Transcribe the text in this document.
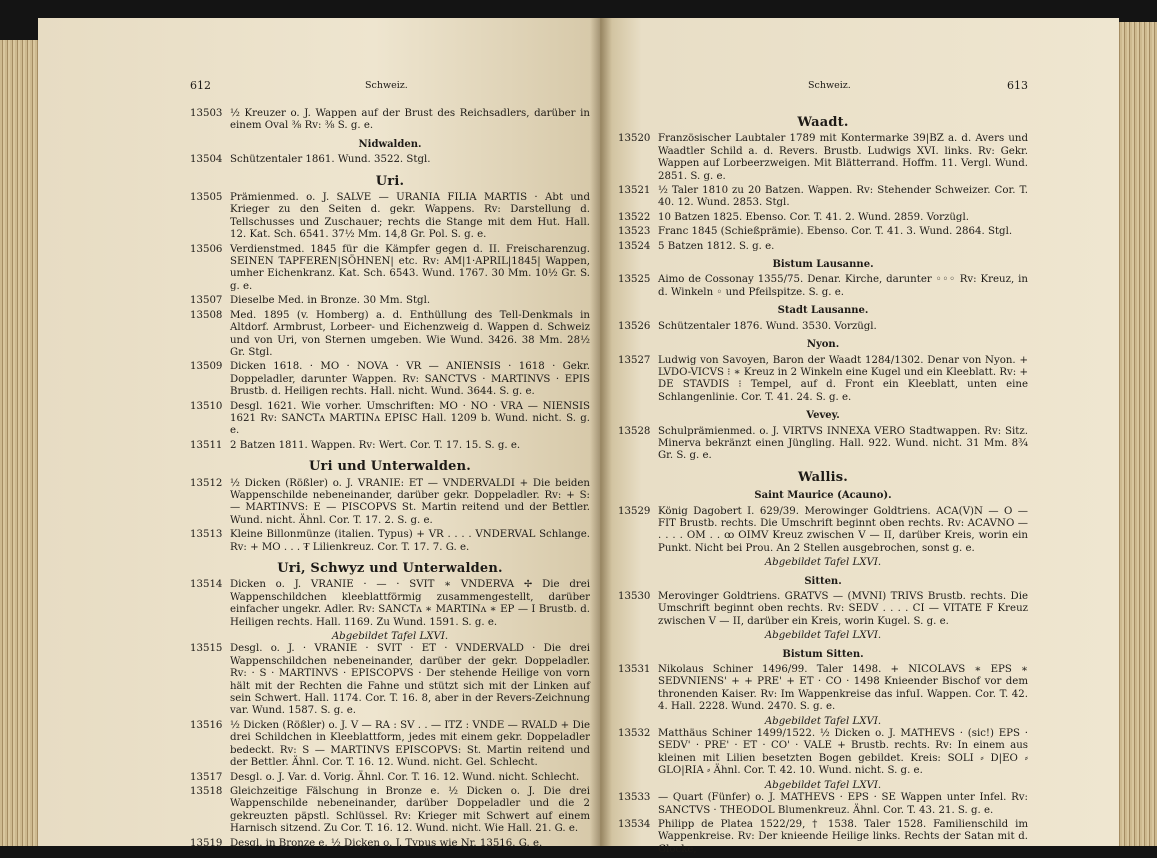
612	Schweiz.
13503 ½ Kreuzer o. J. Wappen auf der Brust des Reichsadlers, darüber in einem Oval ⅜ Rv: ⅜ S. g. e.
Nidwalden.
13504 Schützentaler 1861. Wund. 3522. Stgl.
Uri.
13505 Prämienmed. o. J. SALVE — URANIA FILIA MARTIS · Abt und Krieger zu den Seiten d. gekr. Wappens. Rv: Darstellung d. Tellschusses und Zuschauer; rechts die Stange mit dem Hut. Hall. 12. Kat. Sch. 6541. 37½ Mm. 14,8 Gr. Pol. S. g. e.
13506 Verdienstmed. 1845 für die Kämpfer gegen d. II. Freischarenzug. SEINEN TAPFEREN|SÖHNEN| etc. Rv: AM|1·APRIL|1845| Wappen, umher Eichenkranz. Kat. Sch. 6543. Wund. 1767. 30 Mm. 10½ Gr. S. g. e.
13507 Dieselbe Med. in Bronze. 30 Mm. Stgl.
13508 Med. 1895 (v. Homberg) a. d. Enthüllung des Tell-Denkmals in Altdorf. Armbrust, Lorbeer- und Eichenzweig d. Wappen d. Schweiz und von Uri, von Sternen umgeben. Wie Wund. 3426. 38 Mm. 28½ Gr. Stgl.
13509 Dicken 1618. · MO · NOVA · VR — ANIENSIS · 1618 · Gekr. Doppeladler, darunter Wappen. Rv: SANCTVS · MARTINVS · EPIS Brustb. d. Heiligen rechts. Hall. nicht. Wund. 3644. S. g. e.
13510 Desgl. 1621. Wie vorher. Umschriften: MO · NO · VRA — NIENSIS 1621 Rv: SANCTᴧ MARTINᴧ EPISC Hall. 1209 b. Wund. nicht. S. g. e.
13511 2 Batzen 1811. Wappen. Rv: Wert. Cor. T. 17. 15. S. g. e.
Uri und Unterwalden.
13512 ½ Dicken (Rößler) o. J. VRANIE: ET — VNDERVALDI + Die beiden Wappenschilde nebeneinander, darüber gekr. Doppeladler. Rv: + S: — MARTINVS: E — PISCOPVS St. Martin reitend und der Bettler. Wund. nicht. Ähnl. Cor. T. 17. 2. S. g. e.
13513 Kleine Billonmünze (italien. Typus) + VR . . . . VNDERVAL Schlange. Rv: + MO . . . ₮ Lilienkreuz. Cor. T. 17. 7. G. e.
Uri, Schwyz und Unterwalden.
13514 Dicken o. J. VRANIE · — · SVIT ∗ VNDERVA ✢ Die drei Wappenschildchen kleeblattförmig zusammengestellt, darüber einfacher ungekr. Adler. Rv: SANCTᴧ ∗ MARTINᴧ ∗ EP — I Brustb. d. Heiligen rechts. Hall. 1169. Zu Wund. 1591. S. g. e.
Abgebildet Tafel LXVI.
13515 Desgl. o. J. · VRANIE · SVIT · ET · VNDERVALD · Die drei Wappenschildchen nebeneinander, darüber der gekr. Doppeladler. Rv: · S · MARTINVS · EPISCOPVS · Der stehende Heilige von vorn hält mit der Rechten die Fahne und stützt sich mit der Linken auf sein Schwert. Hall. 1174. Cor. T. 16. 8, aber in der Revers-Zeichnung var. Wund. 1587. S. g. e.
13516 ½ Dicken (Rößler) o. J. V — RA : SV . . — ITZ : VNDE — RVALD + Die drei Schildchen in Kleeblattform, jedes mit einem gekr. Doppeladler bedeckt. Rv: S — MARTINVS EPISCOPVS: St. Martin reitend und der Bettler. Ähnl. Cor. T. 16. 12. Wund. nicht. Gel. Schlecht.
13517 Desgl. o. J. Var. d. Vorig. Ähnl. Cor. T. 16. 12. Wund. nicht. Schlecht.
13518 Gleichzeitige Fälschung in Bronze e. ½ Dicken o. J. Die drei Wappenschilde nebeneinander, darüber Doppeladler und die 2 gekreuzten päpstl. Schlüssel. Rv: Krieger mit Schwert auf einem Harnisch sitzend. Zu Cor. T. 16. 12. Wund. nicht. Wie Hall. 21. G. e.
13519 Desgl. in Bronze e. ½ Dicken o. J. Typus wie Nr. 13516. G. e.
Schweiz.	613
Waadt.
13520 Französischer Laubtaler 1789 mit Kontermarke 39|BZ a. d. Avers und Waadtler Schild a. d. Revers. Brustb. Ludwigs XVI. links. Rv: Gekr. Wappen auf Lorbeerzweigen. Mit Blätterrand. Hoffm. 11. Vergl. Wund. 2851. S. g. e.
13521 ½ Taler 1810 zu 20 Batzen. Wappen. Rv: Stehender Schweizer. Cor. T. 40. 12. Wund. 2853. Stgl.
13522 10 Batzen 1825. Ebenso. Cor. T. 41. 2. Wund. 2859. Vorzügl.
13523 Franc 1845 (Schießprämie). Ebenso. Cor. T. 41. 3. Wund. 2864. Stgl.
13524 5 Batzen 1812. S. g. e.
Bistum Lausanne.
13525 Aimo de Cossonay 1355/75. Denar. Kirche, darunter ◦◦◦ Rv: Kreuz, in d. Winkeln ◦ und Pfeilspitze. S. g. e.
Stadt Lausanne.
13526 Schützentaler 1876. Wund. 3530. Vorzügl.
Nyon.
13527 Ludwig von Savoyen, Baron der Waadt 1284/1302. Denar von Nyon. + LVDO-VICVS ⁝ ∗ Kreuz in 2 Winkeln eine Kugel und ein Kleeblatt. Rv: + DE STAVDIS ⁝ Tempel, auf d. Front ein Kleeblatt, unten eine Schlangenlinie. Cor. T. 41. 24. S. g. e.
Vevey.
13528 Schulprämienmed. o. J. VIRTVS INNEXA VERO Stadtwappen. Rv: Sitz. Minerva bekränzt einen Jüngling. Hall. 922. Wund. nicht. 31 Mm. 8¾ Gr. S. g. e.
Wallis.
Saint Maurice (Acauno).
13529 König Dagobert I. 629/39. Merowinger Goldtriens. ACA(V)N — O — FIT Brustb. rechts. Die Umschrift beginnt oben rechts. Rv: ACAVNO — . . . . OM . . ꝏ OIMV Kreuz zwischen V — II, darüber Kreis, worin ein Punkt. Nicht bei Prou. An 2 Stellen ausgebrochen, sonst g. e.
Abgebildet Tafel LXVI.
Sitten.
13530 Merovinger Goldtriens. GRATVS — (MVNI) TRIVS Brustb. rechts. Die Umschrift beginnt oben rechts. Rv: SEDV . . . . CI — VITATE F Kreuz zwischen V — II, darüber ein Kreis, worin Kugel. S. g. e.
Abgebildet Tafel LXVI.
Bistum Sitten.
13531 Nikolaus Schiner 1496/99. Taler 1498. + NICOLAVS ∗ EPS ∗ SEDVNIENS' + + PRE' + ET · CO · 1498 Knieender Bischof vor dem thronenden Kaiser. Rv: Im Wappenkreise das infuI. Wappen. Cor. T. 42. 4. Hall. 2228. Wund. 2470. S. g. e.
Abgebildet Tafel LXVI.
13532 Matthäus Schiner 1499/1522. ½ Dicken o. J. MATHEVS · (sic!) EPS · SEDV' · PRE' · ET · CO' · VALE + Brustb. rechts. Rv: In einem aus kleinen mit Lilien besetzten Bogen gebildet. Kreis: SOLI ⸗ D|EO ⸗ GLO|RIA ⸗ Ähnl. Cor. T. 42. 10. Wund. nicht. S. g. e.
Abgebildet Tafel LXVI.
13533 — Quart (Fünfer) o. J. MATHEVS · EPS · SE Wappen unter Infel. Rv: SANCTVS · THEODOL Blumenkreuz. Ähnl. Cor. T. 43. 21. S. g. e.
13534 Philipp de Platea 1522/29, † 1538. Taler 1528. Familienschild im Wappenkreise. Rv: Der knieende Heilige links. Rechts der Satan mit d. Glocke,
